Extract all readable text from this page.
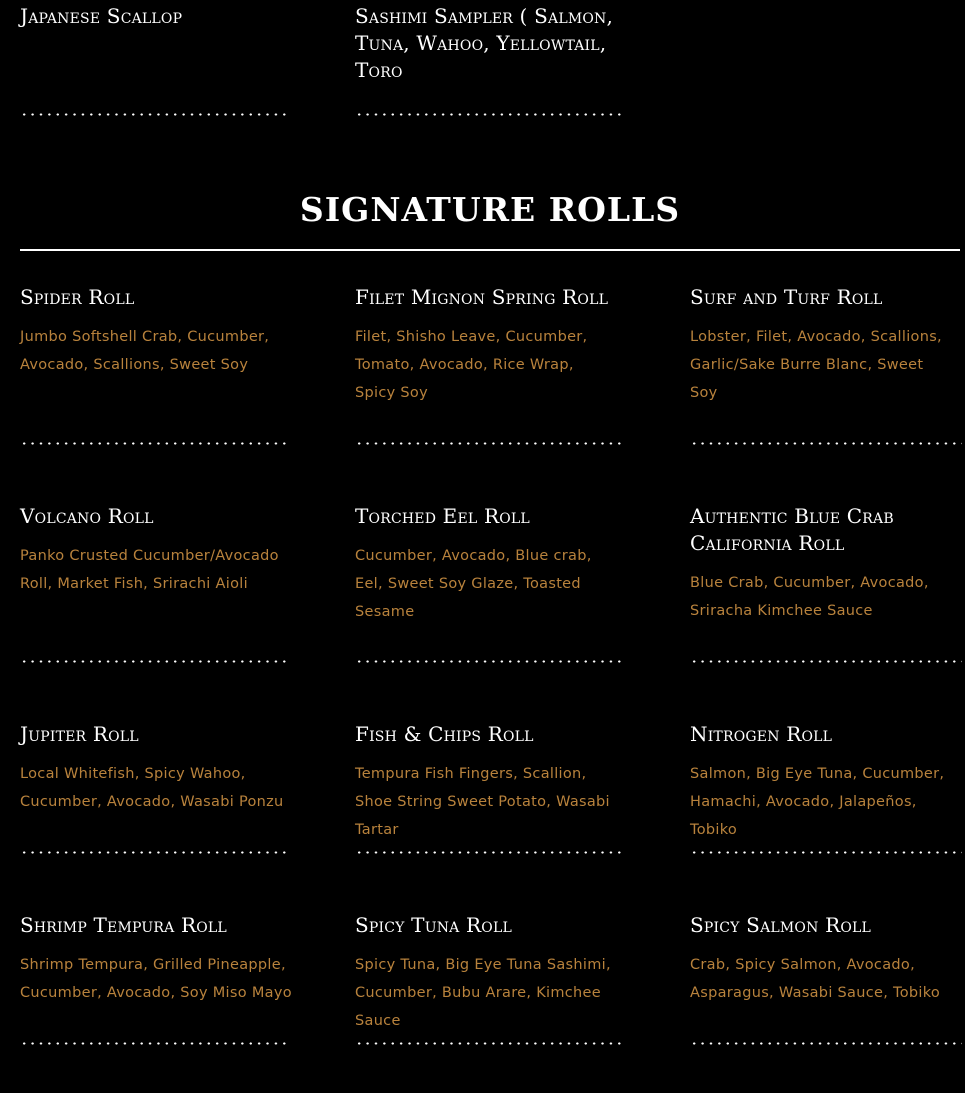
Japanese Scallop	Sashimi Sampler ( Salmon, Tuna, Wahoo, Yellowtail, Toro

SIGNATURE ROLLS

Spider Roll

Jumbo Softshell Crab, Cucumber, Avocado, Scallions, Sweet Soy

Filet Mignon Spring Roll

Filet, Shisho Leave, Cucumber, Tomato, Avocado, Rice Wrap, Spicy Soy

Surf and Turf Roll

Lobster, Filet, Avocado, Scallions, Garlic/Sake Burre Blanc, Sweet Soy

Volcano Roll

Panko Crusted Cucumber/Avocado Roll, Market Fish, Srirachi Aioli

Torched Eel Roll

Cucumber, Avocado, Blue crab, Eel, Sweet Soy Glaze, Toasted Sesame

Authentic Blue Crab California Roll

Blue Crab, Cucumber, Avocado, Sriracha Kimchee Sauce

Jupiter Roll

Local Whitefish, Spicy Wahoo, Cucumber, Avocado, Wasabi Ponzu

Fish & Chips Roll

Tempura Fish Fingers, Scallion, Shoe String Sweet Potato, Wasabi Tartar

Nitrogen Roll

Salmon, Big Eye Tuna, Cucumber, Hamachi, Avocado, Jalapeños, Tobiko

Shrimp Tempura Roll

Shrimp Tempura, Grilled Pineapple, Cucumber, Avocado, Soy Miso Mayo

Spicy Tuna Roll

Spicy Tuna, Big Eye Tuna Sashimi, Cucumber, Bubu Arare, Kimchee Sauce

Spicy Salmon Roll

Crab, Spicy Salmon, Avocado, Asparagus, Wasabi Sauce, Tobiko
